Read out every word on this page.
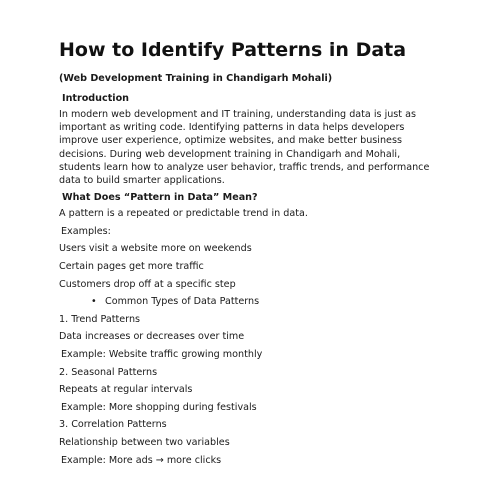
How to Identify Patterns in Data
(Web Development Training in Chandigarh Mohali)
Introduction
In modern web development and IT training, understanding data is just as important as writing code. Identifying patterns in data helps developers improve user experience, optimize websites, and make better business decisions. During web development training in Chandigarh and Mohali, students learn how to analyze user behavior, traffic trends, and performance data to build smarter applications.
What Does “Pattern in Data” Mean?
A pattern is a repeated or predictable trend in data.
Examples:
Users visit a website more on weekends
Certain pages get more traffic
Customers drop off at a specific step
• Common Types of Data Patterns
1. Trend Patterns
Data increases or decreases over time
Example: Website traffic growing monthly
2. Seasonal Patterns
Repeats at regular intervals
Example: More shopping during festivals
3. Correlation Patterns
Relationship between two variables
Example: More ads → more clicks
